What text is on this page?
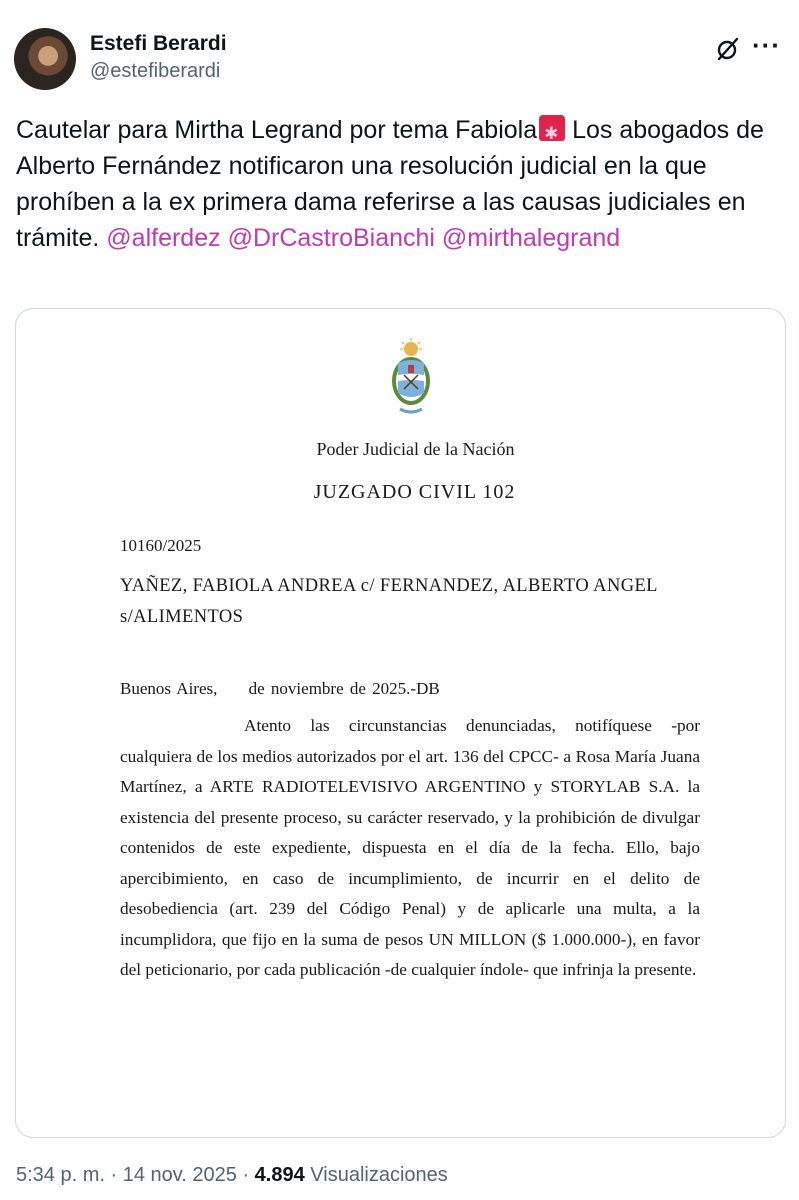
Estefi Berardi
@estefiberardi
···
Cautelar para Mirtha Legrand por tema Fabiola✱ Los abogados de Alberto Fernández notificaron una resolución judicial en la que prohíben a la ex primera dama referirse a las causas judiciales en trámite. @alferdez @DrCastroBianchi @mirthalegrand
Poder Judicial de la Nación
JUZGADO CIVIL 102
10160/2025
YAÑEZ, FABIOLA ANDREA c/ FERNANDEZ, ALBERTO ANGEL s/ALIMENTOS
Buenos Aires,     de noviembre de 2025.-DB
Atento las circunstancias denunciadas, notifíquese -por cualquiera de los medios autorizados por el art. 136 del CPCC- a Rosa María Juana Martínez, a ARTE RADIOTELEVISIVO ARGENTINO y STORYLAB S.A. la existencia del presente proceso, su carácter reservado, y la prohibición de divulgar contenidos de este expediente, dispuesta en el día de la fecha. Ello, bajo apercibimiento, en caso de incumplimiento, de incurrir en el delito de desobediencia (art. 239 del Código Penal) y de aplicarle una multa, a la incumplidora, que fijo en la suma de pesos UN MILLON ($ 1.000.000-), en favor del peticionario, por cada publicación -de cualquier índole- que infrinja la presente.
5:34 p. m. · 14 nov. 2025 · 4.894 Visualizaciones
